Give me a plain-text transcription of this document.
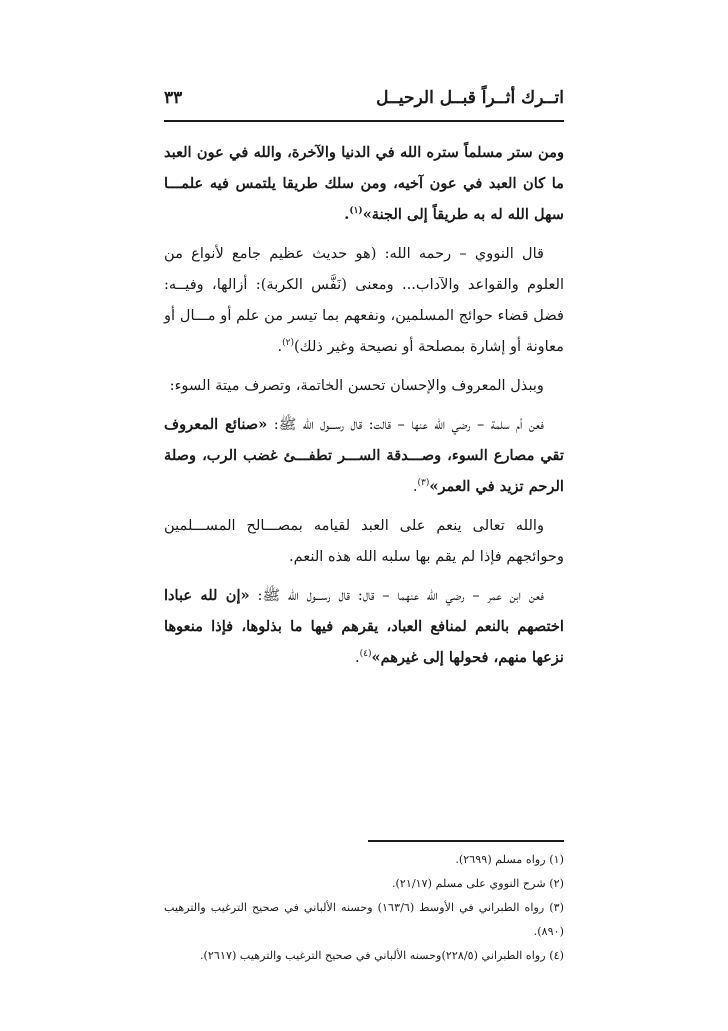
اتــرك أثــراً قبــل الرحيــل
٣٣

ومن ستر مسلماً ستره الله في الدنيا والآخرة، والله في عون العبد ما كان العبد في عون آخيه، ومن سلك طريقا يلتمس فيه علمـــا سهل الله له به طريقاً إلى الجنة»$^{(١)}$.

قال النووي – رحمه الله: (هو حديث عظيم جامع لأنواع من العلوم والقواعد والآداب... ومعنى (نَفَّس الكربة): أزالها، وفيــه: فضل قضاء حوائج المسلمين، ونفعهم بما تيسر من علم أو مـــال أو معاونة أو إشارة بمصلحة أو نصيحة وغير ذلك)$^{(٢)}$.

وببذل المعروف والإحسان تحسن الخاتمة، وتصرف ميتة السوء:

فعن أم سلمة – رضي الله عنها – قالت: قال رســـول الله ﷺ: «صنائع المعروف تقي مصارع السوء، وصـــدقة الســـر تطفـــئ غضب الرب، وصلة الرحم تزيد في العمر»$^{(٣)}$.

والله تعالى ينعم على العبد لقيامه بمصـــالح المســـلمين وحوائجهم فإذا لم يقم بها سلبه الله هذه النعم.

فعن ابن عمر – رضي الله عنهما – قال: قال رســـول الله ﷺ: «إن لله عبادا اختصهم بالنعم لمنافع العباد، يقرهم فيها ما بذلوها، فإذا منعوها نزعها منهم، فحولها إلى غيرهم»$^{(٤)}$.

(١) رواه مسلم (٢٦٩٩).

(٢) شرح النووي على مسلم (٢١/١٧).

(٣) رواه الطبراني في الأوسط (١٦٣/٦) وحسنه الألباني في صحيح الترغيب والترهيب (٨٩٠).

(٤) رواه الطبراني (٢٢٨/٥)وحسنه الألباني في صحيح الترغيب والترهيب (٢٦١٧).
